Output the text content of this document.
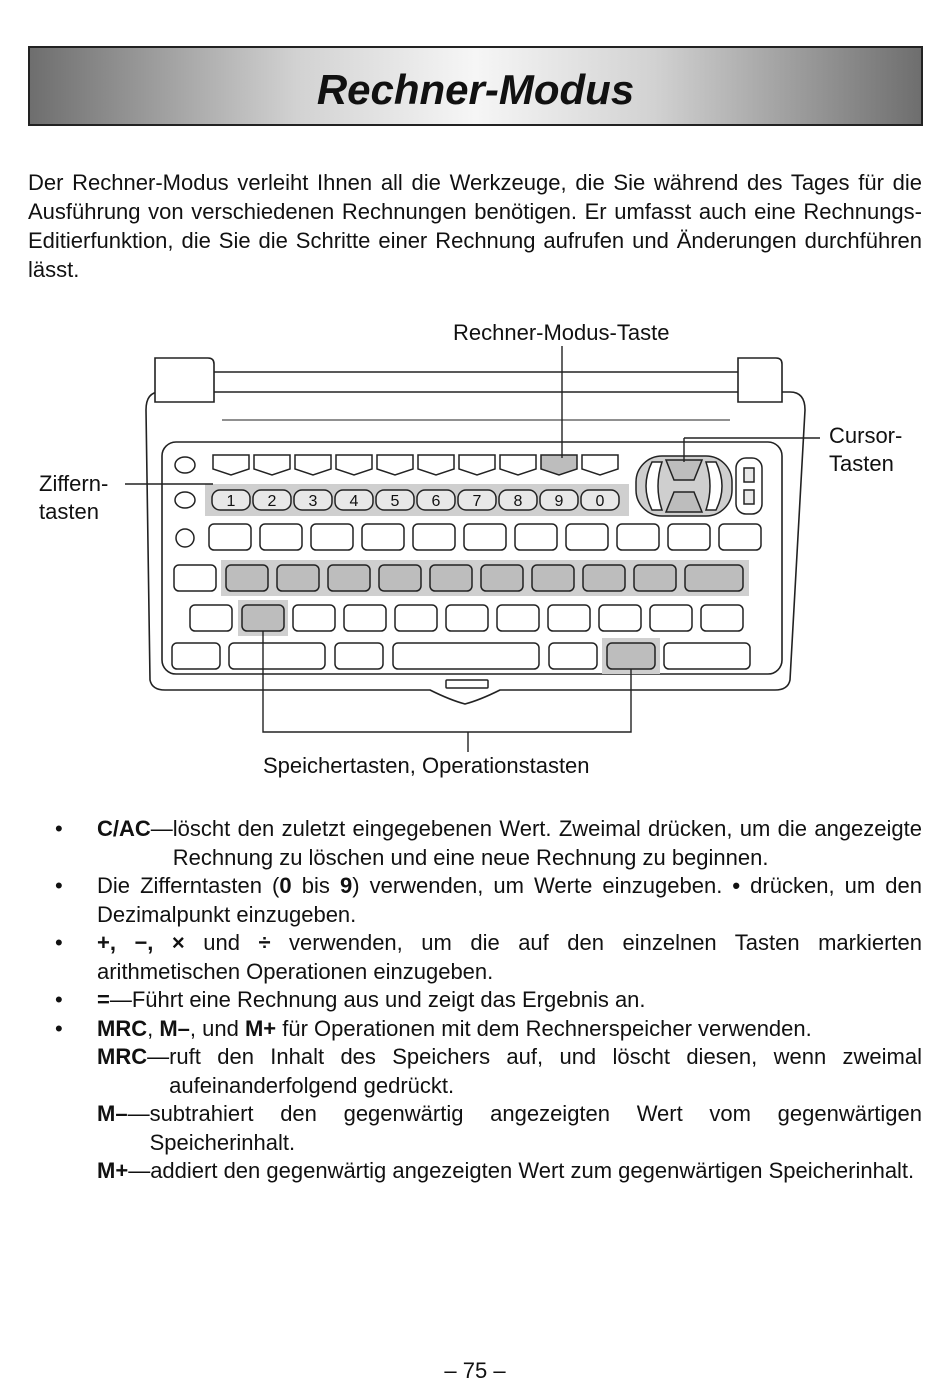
Rechner-Modus

Der Rechner-Modus verleiht Ihnen all die Werkzeuge, die Sie während des Tages für die Ausführung von verschiedenen Rechnungen benötigen. Er umfasst auch eine Rechnungs-Editierfunktion, die Sie die Schritte einer Rechnung aufrufen und Änderungen durchführen lässt.

Rechner-Modus-Taste
Cursor-
Tasten
Ziffern-
tasten
Speichertasten, Operationstasten
1 2 3 4 5 6 7 8 9 0
• C/AC — löscht den zuletzt eingegebenen Wert. Zweimal drücken, um die angezeigte Rechnung zu löschen und eine neue Rechnung zu beginnen.
• Die Zifferntasten (0 bis 9) verwenden, um Werte einzugeben. • drücken, um den Dezimalpunkt einzugeben.
• +, −, × und ÷ verwenden, um die auf den einzelnen Tasten markierten arithmetischen Operationen einzugeben.
• = — Führt eine Rechnung aus und zeigt das Ergebnis an.
• MRC, M–, und M+ für Operationen mit dem Rechnerspeicher verwenden.
MRC — ruft den Inhalt des Speichers auf, und löscht diesen, wenn zweimal aufeinanderfolgend gedrückt.
M– — subtrahiert den gegenwärtig angezeigten Wert vom gegenwärtigen Speicherinhalt.
M+ — addiert den gegenwärtig angezeigten Wert zum gegenwärtigen Speicherinhalt.
– 75 –
